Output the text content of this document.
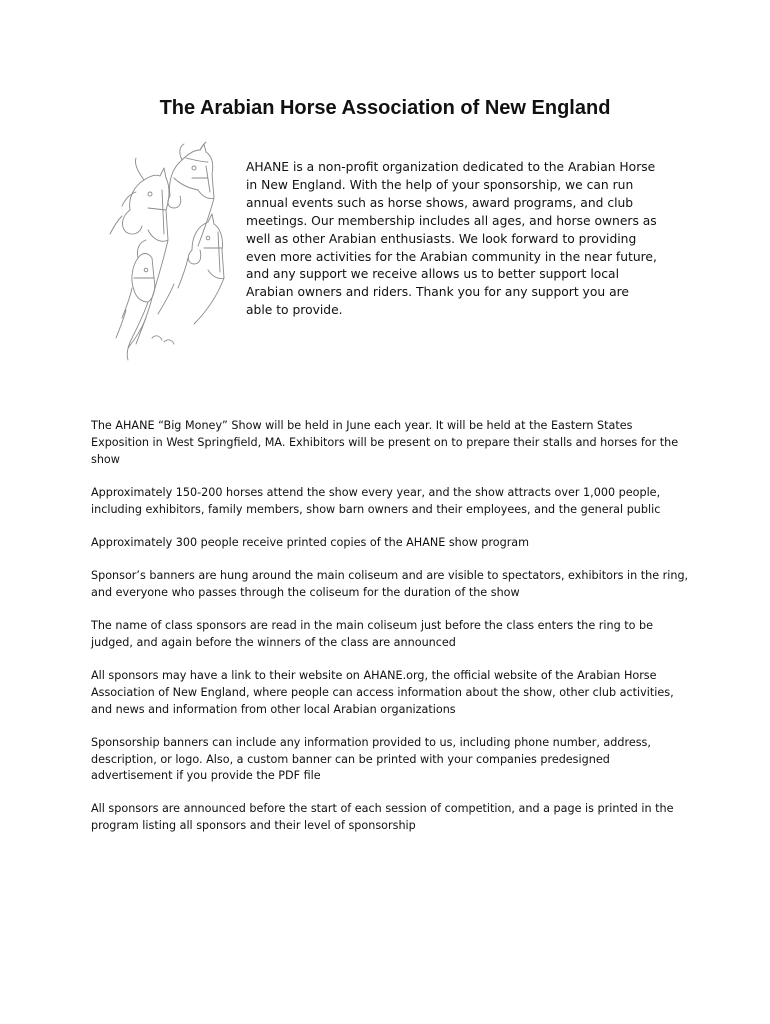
The Arabian Horse Association of New England

AHANE is a non-profit organization dedicated to the Arabian Horse in New England. With the help of your sponsorship, we can run annual events such as horse shows, award programs, and club meetings. Our membership includes all ages, and horse owners as well as other Arabian enthusiasts. We look forward to providing even more activities for the Arabian community in the near future, and any support we receive allows us to better support local Arabian owners and riders. Thank you for any support you are able to provide.

The AHANE “Big Money” Show will be held in June each year. It will be held at the Eastern States Exposition in West Springfield, MA. Exhibitors will be present on to prepare their stalls and horses for the show

Approximately 150-200 horses attend the show every year, and the show attracts over 1,000 people, including exhibitors, family members, show barn owners and their employees, and the general public

Approximately 300 people receive printed copies of the AHANE show program

Sponsor’s banners are hung around the main coliseum and are visible to spectators, exhibitors in the ring, and everyone who passes through the coliseum for the duration of the show

The name of class sponsors are read in the main coliseum just before the class enters the ring to be judged, and again before the winners of the class are announced

All sponsors may have a link to their website on AHANE.org, the official website of the Arabian Horse Association of New England, where people can access information about the show, other club activities, and news and information from other local Arabian organizations

Sponsorship banners can include any information provided to us, including phone number, address, description, or logo. Also, a custom banner can be printed with your companies predesigned advertisement if you provide the PDF file

All sponsors are announced before the start of each session of competition, and a page is printed in the program listing all sponsors and their level of sponsorship
